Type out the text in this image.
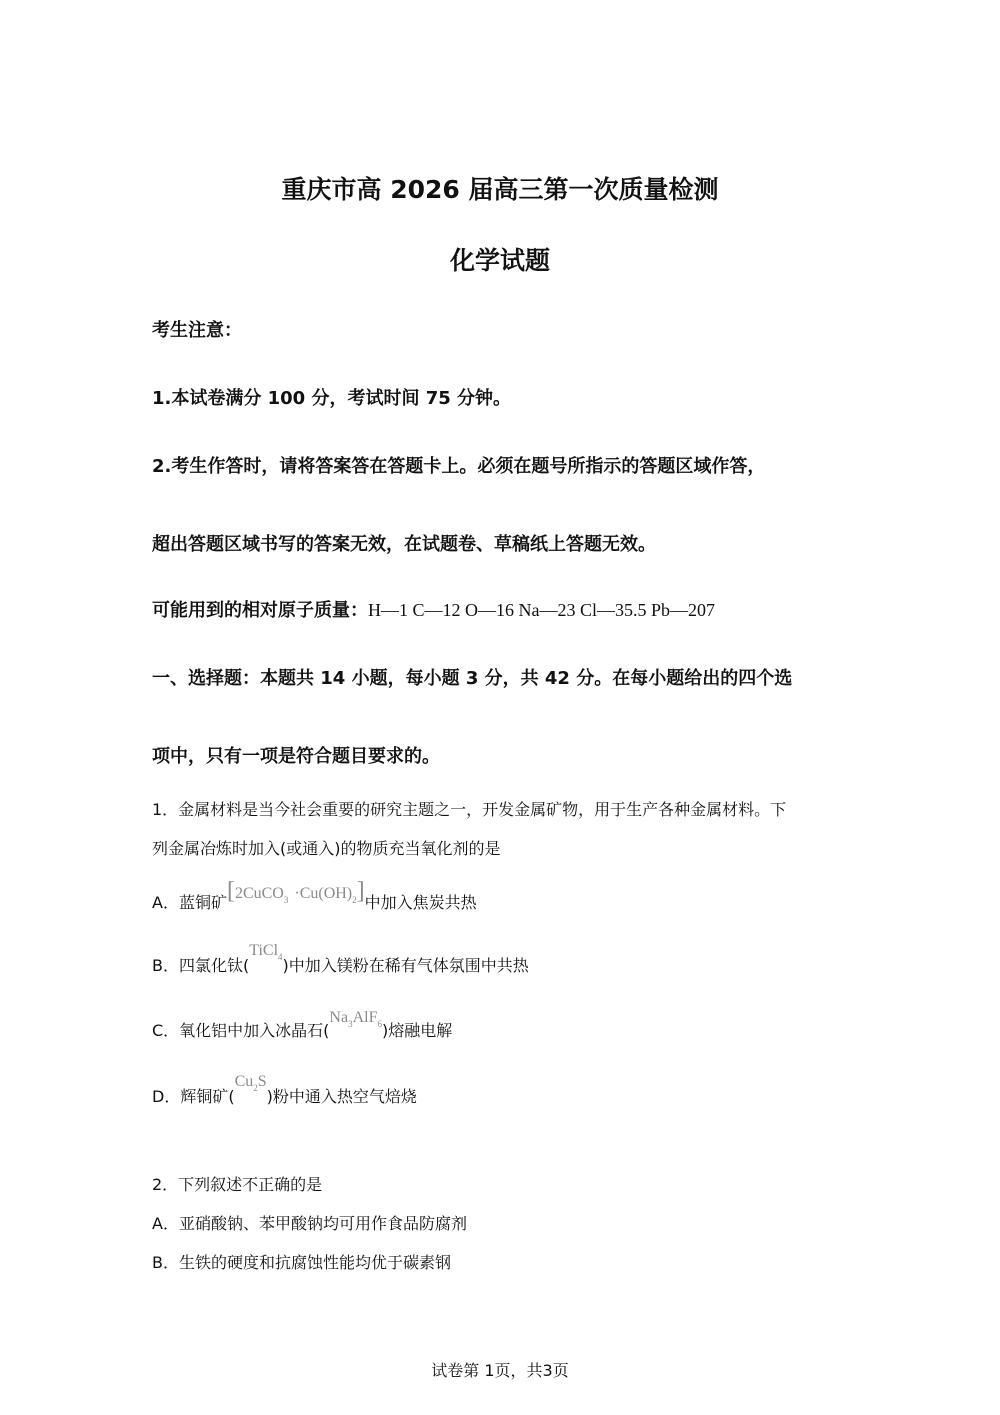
重庆市高 2026 届高三第一次质量检测
化学试题
考生注意：
1.本试卷满分 100 分，考试时间 75 分钟。
2.考生作答时，请将答案答在答题卡上。必须在题号所指示的答题区域作答，
超出答题区域书写的答案无效，在试题卷、草稿纸上答题无效。
可能用到的相对原子质量：H—1 C—12 O—16 Na—23 Cl—35.5 Pb—207
一、选择题：本题共 14 小题，每小题 3 分，共 42 分。在每小题给出的四个选
项中，只有一项是符合题目要求的。
1．金属材料是当今社会重要的研究主题之一，开发金属矿物，用于生产各种金属材料。下
列金属冶炼时加入(或通入)的物质充当氧化剂的是
A．蓝铜矿[2CuCO$_3$ $\cdot Cu(OH)_2$]中加入焦炭共热
B．四氯化钛(TiCl$_4$)中加入镁粉在稀有气体氛围中共热
C．氧化铝中加入冰晶石$(Na_3AlF_6)$熔融电解
D．辉铜矿$(Cu_2S)$粉中通入热空气焙烧
2．下列叙述不正确的是
A．亚硝酸钠、苯甲酸钠均可用作食品防腐剂
B．生铁的硬度和抗腐蚀性能均优于碳素钢
试卷第 1页，共3页
